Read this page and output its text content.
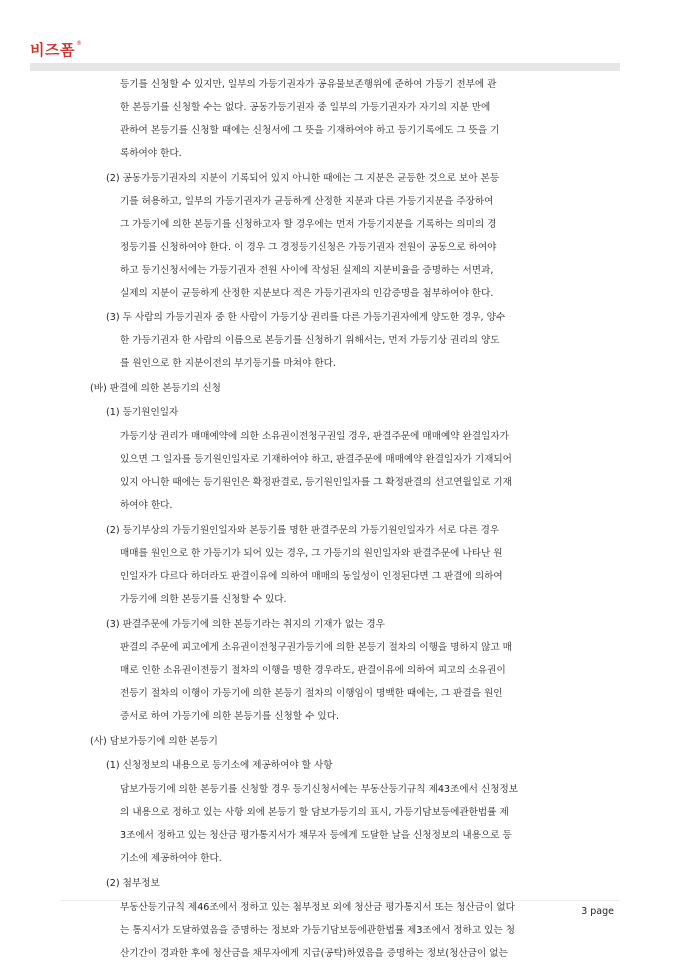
비즈폼 ®
등기를 신청할 수 있지만, 일부의 가등기권자가 공유물보존행위에 준하여 가등기 전부에 관
한 본등기를 신청할 수는 없다. 공동가등기권자 중 일부의 가등기권자가 자기의 지분 만에
관하여 본등기를 신청할 때에는 신청서에 그 뜻을 기재하여야 하고 등기기록에도 그 뜻을 기
록하여야 한다.
(2) 공동가등기권자의 지분이 기록되어 있지 아니한 때에는 그 지분은 균등한 것으로 보아 본등
기를 허용하고, 일부의 가등기권자가 균등하게 산정한 지분과 다른 가등기지분을 주장하여
그 가등기에 의한 본등기를 신청하고자 할 경우에는 먼저 가등기지분을 기록하는 의미의 경
정등기를 신청하여야 한다. 이 경우 그 경정등기신청은 가등기권자 전원이 공동으로 하여야
하고 등기신청서에는 가등기권자 전원 사이에 작성된 실제의 지분비율을 증명하는 서면과,
실제의 지분이 균등하게 산정한 지분보다 적은 가등기권자의 인감증명을 첨부하여야 한다.
(3) 두 사람의 가등기권자 중 한 사람이 가등기상 권리를 다른 가등기권자에게 양도한 경우, 양수
한 가등기권자 한 사람의 이름으로 본등기를 신청하기 위해서는, 먼저 가등기상 권리의 양도
를 원인으로 한 지분이전의 부기등기를 마쳐야 한다.
(바) 판결에 의한 본등기의 신청
(1) 등기원인일자
가등기상 권리가 매매예약에 의한 소유권이전청구권일 경우, 판결주문에 매매예약 완결일자가
있으면 그 일자를 등기원인일자로 기재하여야 하고, 판결주문에 매매예약 완결일자가 기재되어
있지 아니한 때에는 등기원인은 확정판결로, 등기원인일자를 그 확정판결의 선고연월일로 기재
하여야 한다.
(2) 등기부상의 가등기원인일자와 본등기를 명한 판결주문의 가등기원인일자가 서로 다른 경우
매매를 원인으로 한 가등기가 되어 있는 경우, 그 가등기의 원인일자와 판결주문에 나타난 원
인일자가 다르다 하더라도 판결이유에 의하여 매매의 동일성이 인정된다면 그 판결에 의하여
가등기에 의한 본등기를 신청할 수 있다.
(3) 판결주문에 가등기에 의한 본등기라는 취지의 기재가 없는 경우
판결의 주문에 피고에게 소유권이전청구권가등기에 의한 본등기 절차의 이행을 명하지 않고 매
매로 인한 소유권이전등기 절차의 이행을 명한 경우라도, 판결이유에 의하여 피고의 소유권이
전등기 절차의 이행이 가등기에 의한 본등기 절차의 이행임이 명백한 때에는, 그 판결을 원인
증서로 하여 가등기에 의한 본등기를 신청할 수 있다.
(사) 담보가등기에 의한 본등기
(1) 신청정보의 내용으로 등기소에 제공하여야 할 사항
담보가등기에 의한 본등기를 신청할 경우 등기신청서에는 부동산등기규칙 제43조에서 신청정보
의 내용으로 정하고 있는 사항 외에 본등기 할 담보가등기의 표시, 가등기담보등에관한법률 제
3조에서 정하고 있는 청산금 평가통지서가 채무자 등에게 도달한 날을 신청정보의 내용으로 등
기소에 제공하여야 한다.
(2) 첨부정보
부동산등기규칙 제46조에서 정하고 있는 첨부정보 외에 청산금 평가통지서 또는 청산금이 없다
는 통지서가 도달하였음을 증명하는 정보와 가등기담보등에관한법률 제3조에서 정하고 있는 청
산기간이 경과한 후에 청산금을 채무자에게 지급(공탁)하였음을 증명하는 정보(청산금이 없는
3 page
